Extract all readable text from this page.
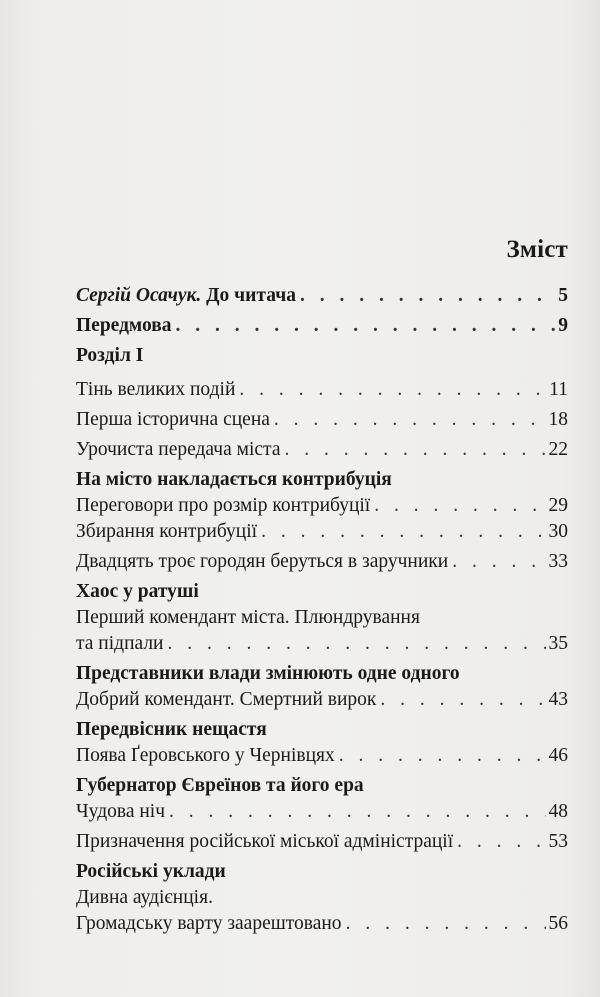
Зміст
Сергій Осачук. До читача . . .	5
Передмова . . .	9
Розділ І
Тінь великих подій . . .	11
Перша історична сцена . . .	18
Урочиста передача міста . . .	22
На місто накладається контрибуція
Переговори про розмір контрибуції . . .	29
Збирання контрибуції . . .	30
Двадцять троє городян беруться в заручники . . .	33
Хаос у ратуші
Перший комендант міста. Плюндрування
та підпали . . .	35
Представники влади змінюють одне одного
Добрий комендант. Смертний вирок . . .	43
Передвісник нещастя
Поява Ґеровського у Чернівцях . . .	46
Губернатор Євреїнов та його ера
Чудова ніч . . .	48
Призначення російської міської адміністрації . . .	53
Російські уклади
Дивна аудієнція.
Громадську варту заарештовано . . .	56
